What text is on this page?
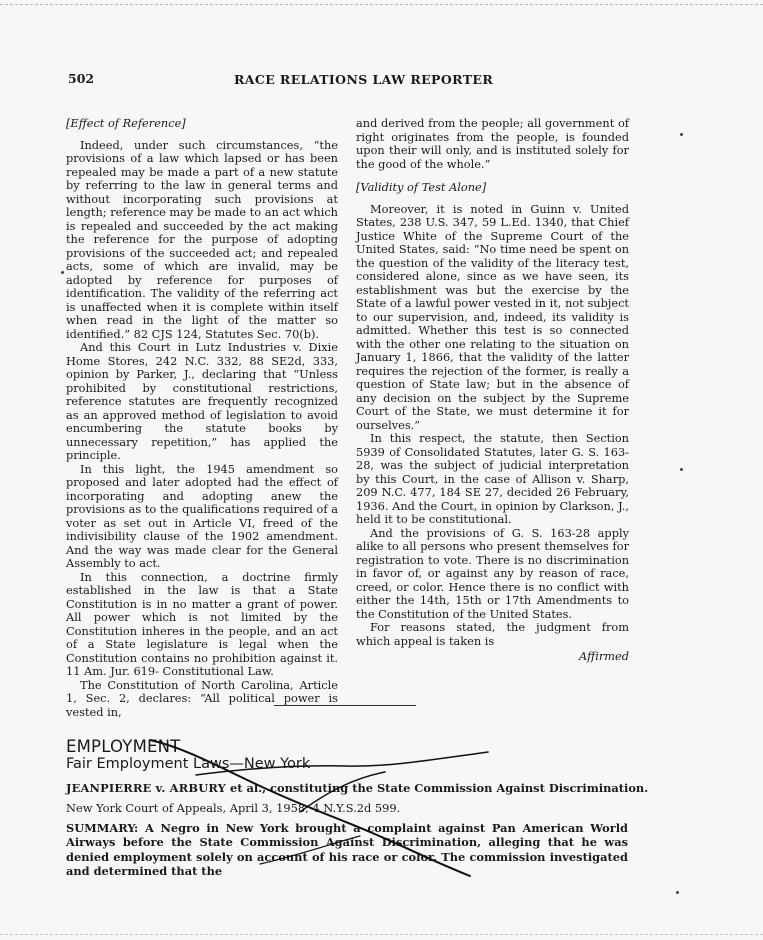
502	RACE RELATIONS LAW REPORTER

[Effect of Reference]

Indeed, under such circumstances, “the provisions of a law which lapsed or has been repealed may be made a part of a new statute by referring to the law in general terms and without incorporating such provisions at length; reference may be made to an act which is repealed and succeeded by the act making the reference for the purpose of adopting provisions of the succeeded act; and repealed acts, some of which are invalid, may be adopted by reference for purposes of identification. The validity of the referring act is unaffected when it is complete within itself when read in the light of the matter so identified.” 82 CJS 124, Statutes Sec. 70(b).

And this Court in Lutz Industries v. Dixie Home Stores, 242 N.C. 332, 88 SE2d, 333, opinion by Parker, J., declaring that “Unless prohibited by constitutional restrictions, reference statutes are frequently recognized as an approved method of legislation to avoid encumbering the statute books by unnecessary repetition,” has applied the principle.

In this light, the 1945 amendment so proposed and later adopted had the effect of incorporating and adopting anew the provisions as to the qualifications required of a voter as set out in Article VI, freed of the indivisibility clause of the 1902 amendment. And the way was made clear for the General Assembly to act.

In this connection, a doctrine firmly established in the law is that a State Constitution is in no matter a grant of power. All power which is not limited by the Constitution inheres in the people, and an act of a State legislature is legal when the Constitution contains no prohibition against it. 11 Am. Jur. 619- Constitutional Law.

The Constitution of North Carolina, Article 1, Sec. 2, declares: “All political power is vested in,

and derived from the people; all government of right originates from the people, is founded upon their will only, and is instituted solely for the good of the whole.”

[Validity of Test Alone]

Moreover, it is noted in Guinn v. United States, 238 U.S. 347, 59 L.Ed. 1340, that Chief Justice White of the Supreme Court of the United States, said: “No time need be spent on the question of the validity of the literacy test, considered alone, since as we have seen, its establishment was but the exercise by the State of a lawful power vested in it, not subject to our supervision, and, indeed, its validity is admitted. Whether this test is so connected with the other one relating to the situation on January 1, 1866, that the validity of the latter requires the rejection of the former, is really a question of State law; but in the absence of any decision on the subject by the Supreme Court of the State, we must determine it for ourselves.”

In this respect, the statute, then Section 5939 of Consolidated Statutes, later G. S. 163-28, was the subject of judicial interpretation by this Court, in the case of Allison v. Sharp, 209 N.C. 477, 184 SE 27, decided 26 February, 1936. And the Court, in opinion by Clarkson, J., held it to be constitutional.

And the provisions of G. S. 163-28 apply alike to all persons who present themselves for registration to vote. There is no discrimination in favor of, or against any by reason of race, creed, or color. Hence there is no conflict with either the 14th, 15th or 17th Amendments to the Constitution of the United States.

For reasons stated, the judgment from which appeal is taken is

Affirmed
EMPLOYMENT
Fair Employment Laws—New York
JEANPIERRE v. ARBURY et al., constituting the State Commission Against Discrimination.
New York Court of Appeals, April 3, 1958, 4 N.Y.S.2d 599.
SUMMARY: A Negro in New York brought a complaint against Pan American World Airways before the State Commission Against Discrimination, alleging that he was denied employment solely on account of his race or color. The commission investigated and determined that the
